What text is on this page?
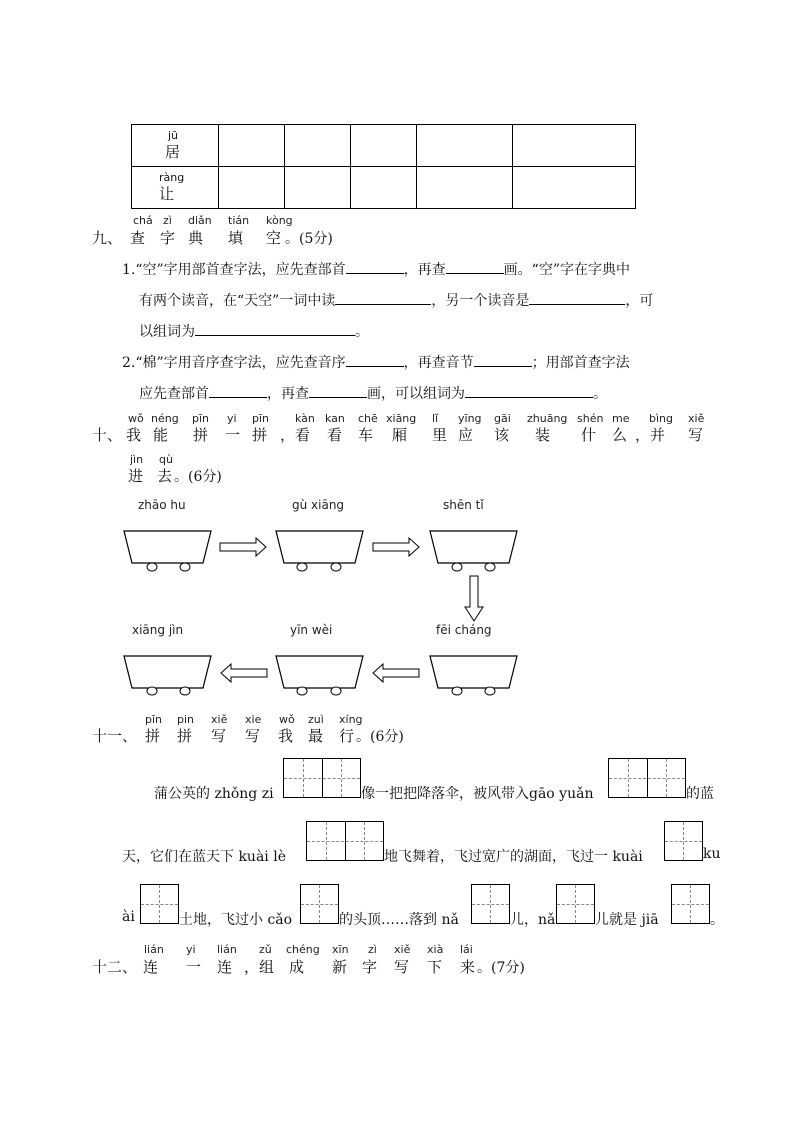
jū
居					

ràng
让					

九、
chá zì diǎn tián kòng
查 字 典 填 空 。(5分)
1.“空”字用部首查字法，应先查部首	，再查	画。“空”字在字典中
有两个读音，在“天空”一词中读	，另一个读音是	，可
以组词为	。
2.“棉”字用音序查字法，应先查音序	，再查音节	；用部首查字法
应先查部首	，再查	画，可以组词为	。
十、
wǒ néng pīn yi pīn kàn kan chē xiāng lǐ yīng gāi zhuāng shén me bìng xiě
我 能 拼 一 拼 ，看 看 车 厢 里 应 该 装 什 么 ，并 写
jìn qù
进 去 。(6分)
zhāo hu	gù xiāng	shēn tǐ
xiāng jìn	yīn wèi	fēi cháng
十一、
pīn pin xiě xie wǒ zuì xíng
拼 拼 写 写 我 最 行 。(6分)
蒲公英的 zhǒng zi	像一把把降落伞，被风带入gāo yuǎn	的蓝
天，它们在蓝天下 kuài lè	地飞舞着，飞过宽广的湖面，飞过一 kuài	ku
ài	土地，飞过小 cǎo	的头顶……落到 nǎ	儿，nǎ	儿就是 jiā	。
十二、
lián yi lián zǔ chéng xīn zì xiě xià lái
连 一 连 ，组 成 新 字 写 下 来 。(7分)
